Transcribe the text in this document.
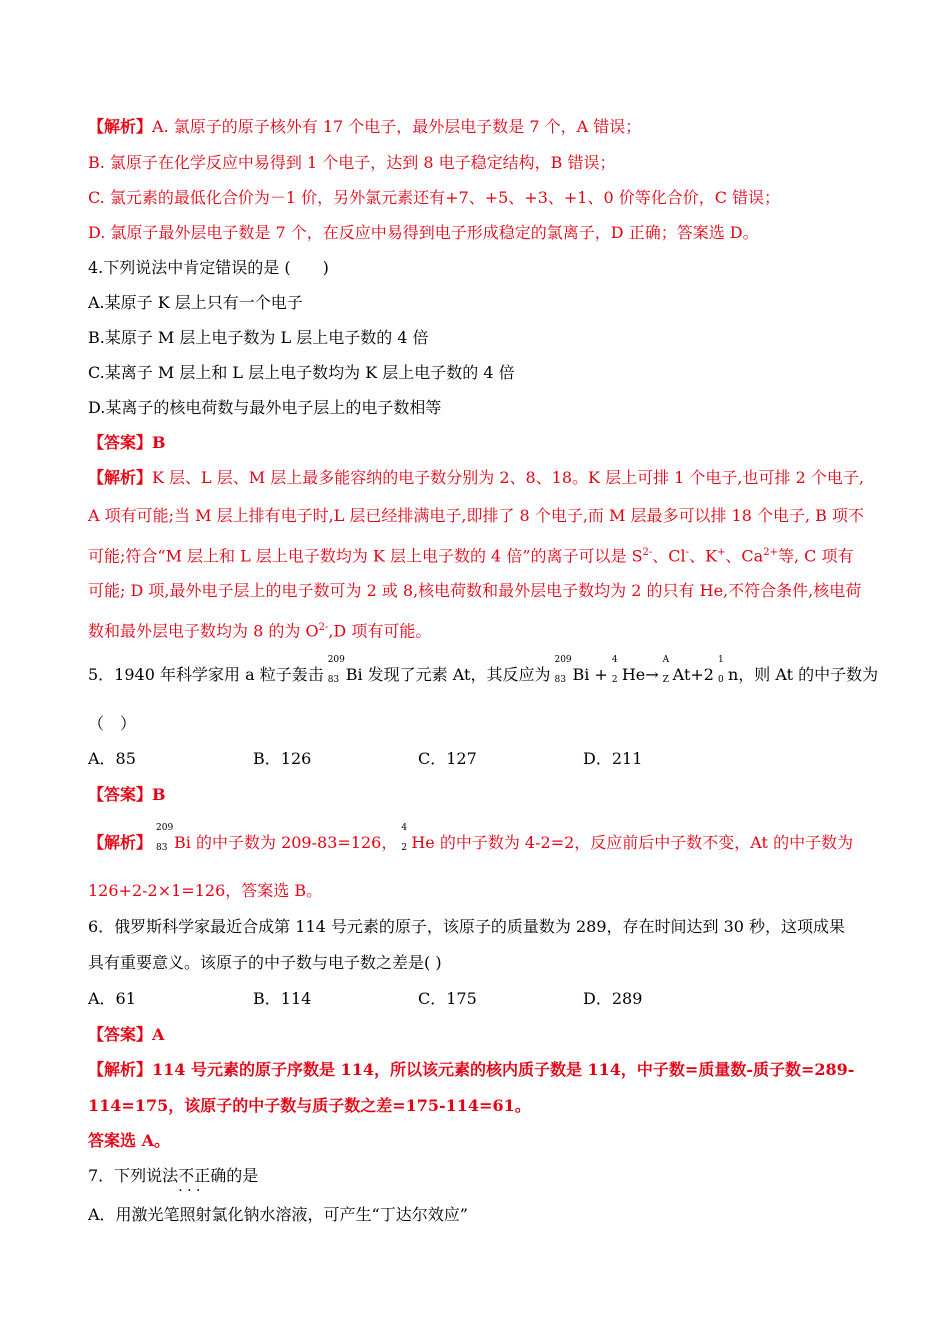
【解析】A. 氯原子的原子核外有 17 个电子，最外层电子数是 7 个，A 错误；
B. 氯原子在化学反应中易得到 1 个电子，达到 8 电子稳定结构，B 错误；
C. 氯元素的最低化合价为－1 价，另外氯元素还有+7、+5、+3、+1、0 价等化合价，C 错误；
D. 氯原子最外层电子数是 7 个，在反应中易得到电子形成稳定的氯离子，D 正确；答案选 D。
4.下列说法中肯定错误的是 (　　)
A.某原子 K 层上只有一个电子
B.某原子 M 层上电子数为 L 层上电子数的 4 倍
C.某离子 M 层上和 L 层上电子数均为 K 层上电子数的 4 倍
D.某离子的核电荷数与最外电子层上的电子数相等
【答案】B
【解析】K 层、L 层、M 层上最多能容纳的电子数分别为 2、8、18。K 层上可排 1 个电子,也可排 2 个电子,
A 项有可能;当 M 层上排有电子时,L 层已经排满电子,即排了 8 个电子,而 M 层最多可以排 18 个电子, B 项不
可能;符合“M 层上和 L 层上电子数均为 K 层上电子数的 4 倍”的离子可以是 $S^{2-}$、Cl-、K+、$Ca^{2+}$等, C 项有
可能; D 项,最外电子层上的电子数可为 2 或 8,核电荷数和最外层电子数均为 2 的只有 He,不符合条件,核电荷
数和最外层电子数均为 8 的为 $O^{2-},D$ 项有可能。
5．1940 年科学家用 a 粒子轰击
209
83 Bi 发现了元素 At，其反应为
209
83 Bi +
4
2 He→
A
Z At+2
1
0 n，则 At 的中子数为
（　）
A．85	B．126	C．127	D．211
【答案】B
【解析】
209
83 Bi 的中子数为 209-83=126，
4
2 He 的中子数为 4-2=2，反应前后中子数不变，At 的中子数为
126+2-2×1=126，答案选 B。
6．俄罗斯科学家最近合成第 114 号元素的原子，该原子的质量数为 289，存在时间达到 30 秒，这项成果
具有重要意义。该原子的中子数与电子数之差是( )
A．61	B．114	C．175	D．289
【答案】A
【解析】114 号元素的原子序数是 114，所以该元素的核内质子数是 114，中子数=质量数-质子数=289-
114=175，该原子的中子数与质子数之差=175-114=61。
答案选 A。
7．下列说法不正确 · · ·的是
A．用激光笔照射氯化钠水溶液，可产生“丁达尔效应”
